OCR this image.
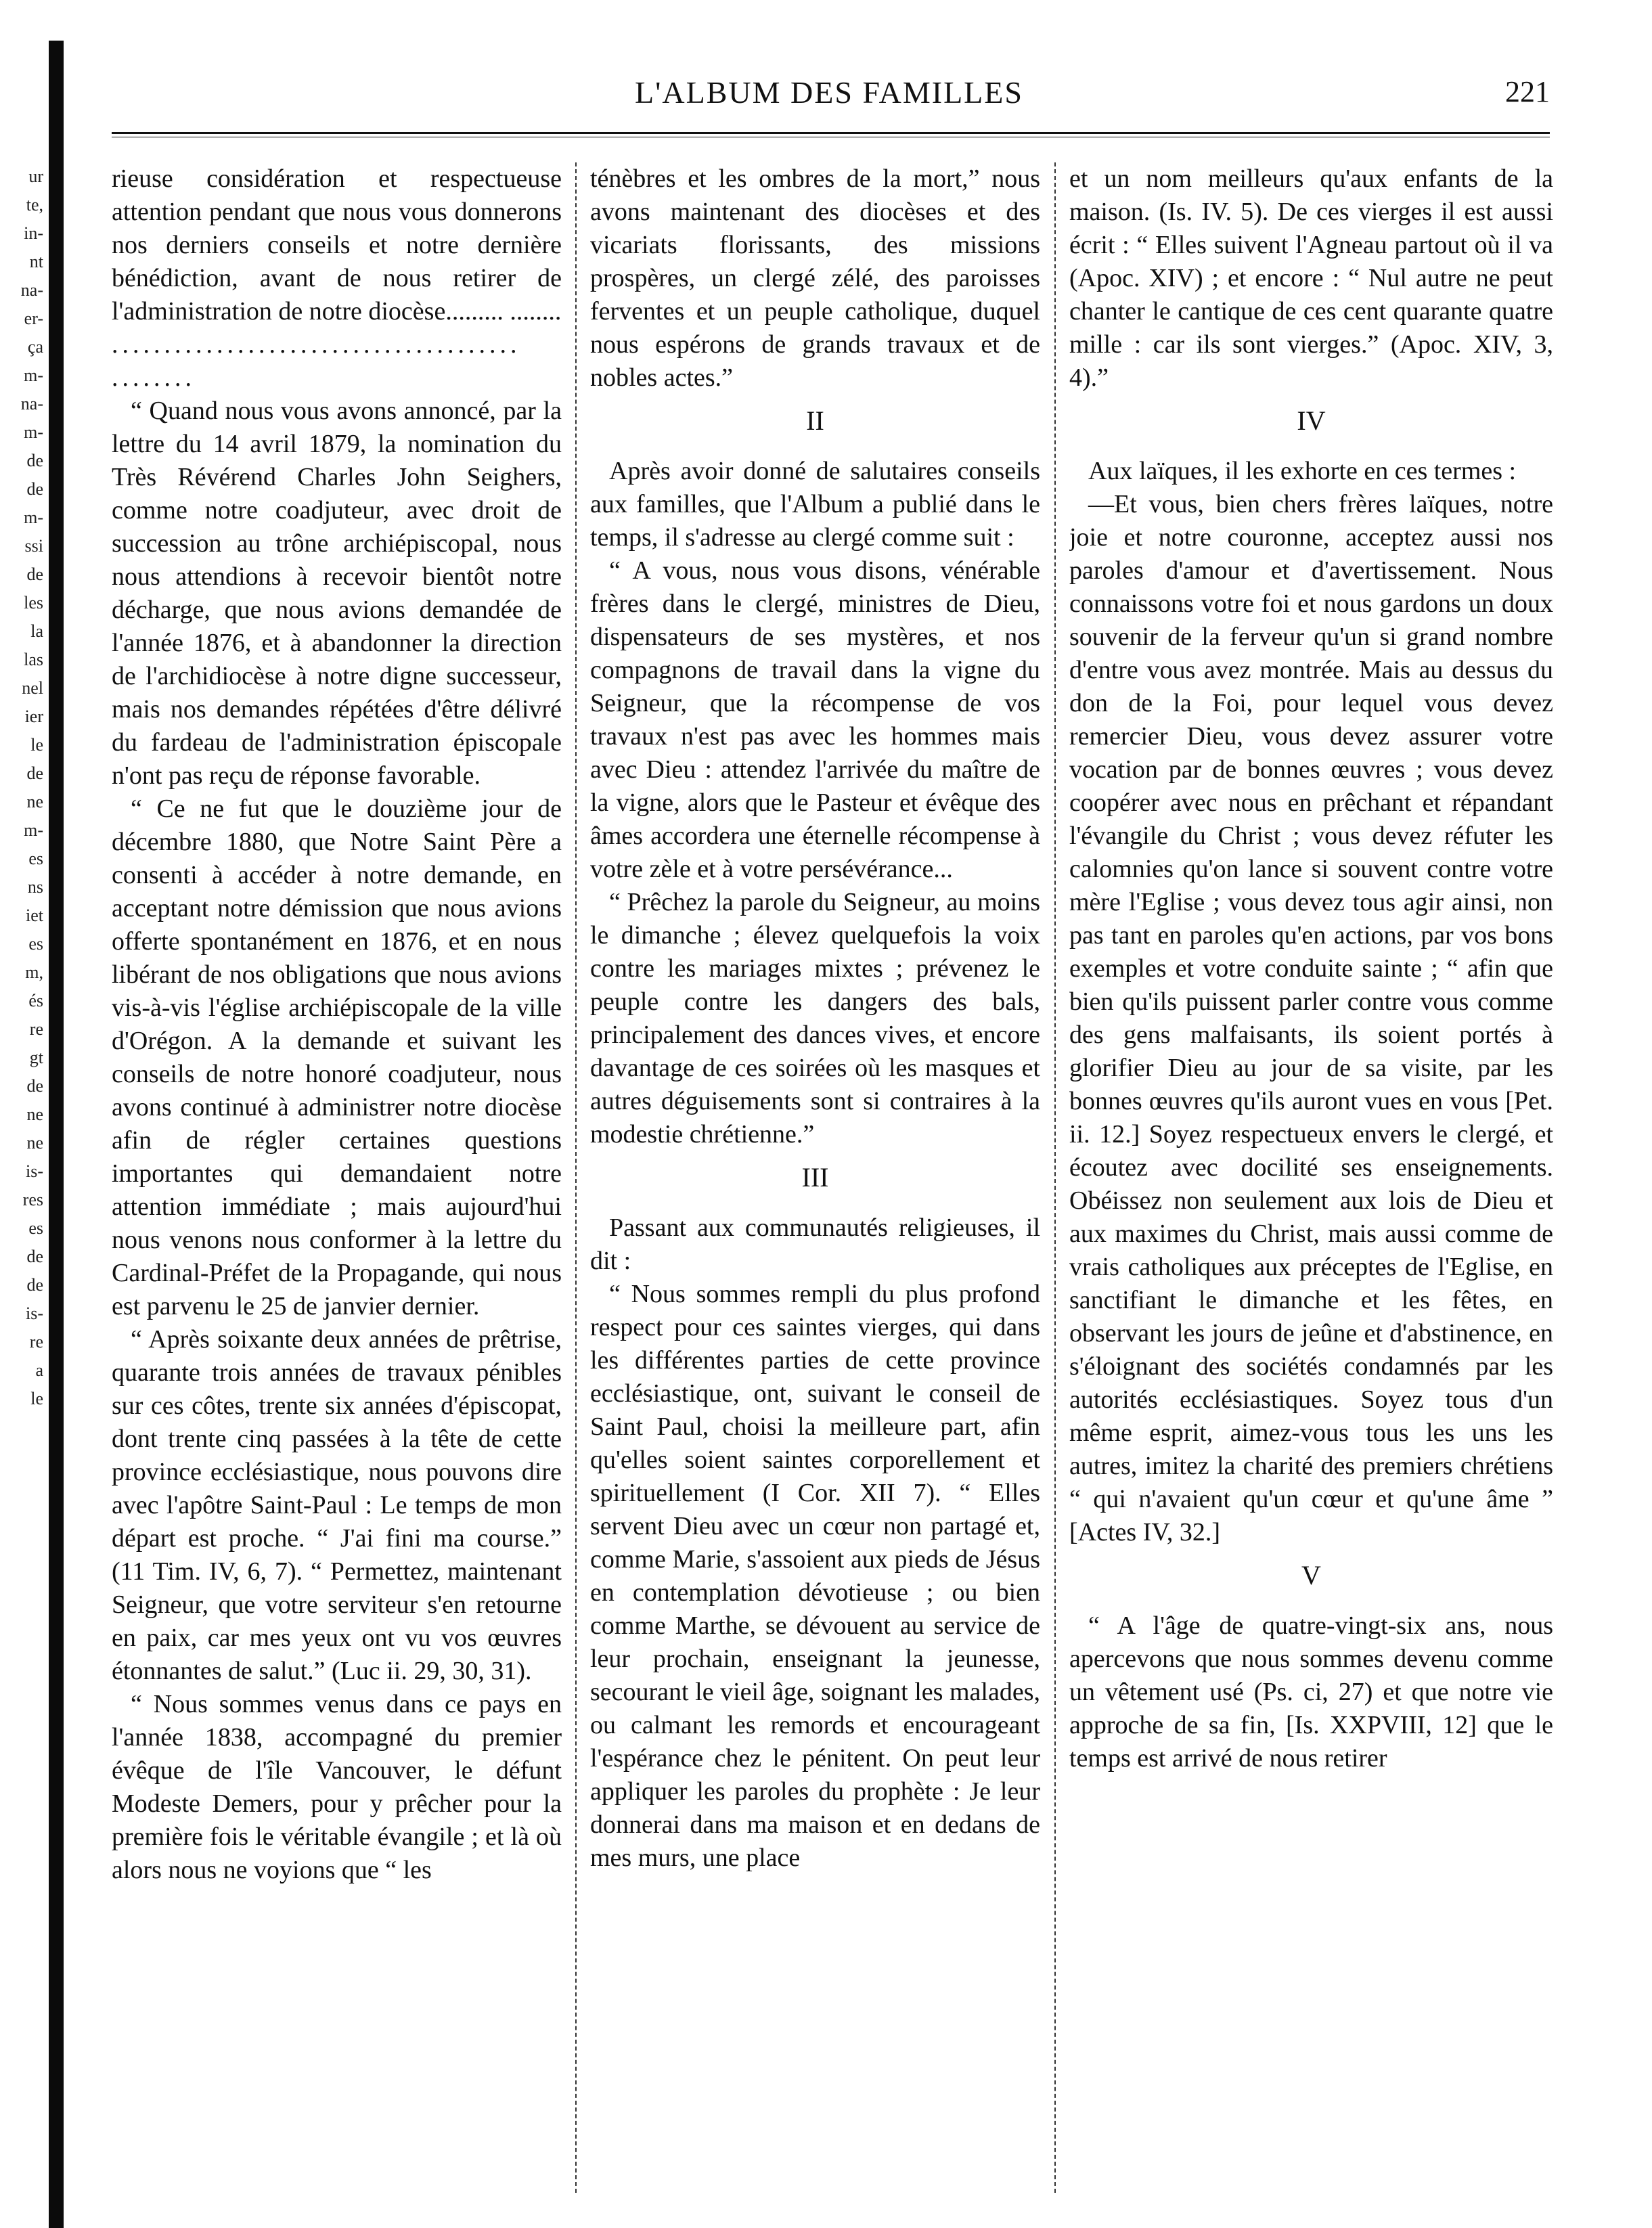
ur
te,
in-
nt
na-
er-
ça
m-
na-
m-
de
de
m-
ssi
de
les
la
las
nel
ier
le
de
ne
m-
es
ns
iet
es
m,
és
re
gt
de
ne
ne
is-
res
es
de
de
is-
re
a
le
L'ALBUM DES FAMILLES	221

rieuse considération et respectueuse attention pendant que nous vous donnerons nos derniers conseils et notre dernière bénédiction, avant de nous retirer de l'administration de notre diocèse......... ........

....................................... ........

“ Quand nous vous avons annoncé, par la lettre du 14 avril 1879, la nomination du Très Révérend Charles John Seighers, comme notre coadjuteur, avec droit de succession au trône archiépiscopal, nous nous attendions à recevoir bientôt notre décharge, que nous avions demandée de l'année 1876, et à abandonner la direction de l'archidiocèse à notre digne successeur, mais nos demandes répétées d'être délivré du fardeau de l'administration épiscopale n'ont pas reçu de réponse favorable.

“ Ce ne fut que le douzième jour de décembre 1880, que Notre Saint Père a consenti à accéder à notre demande, en acceptant notre démission que nous avions offerte spontanément en 1876, et en nous libérant de nos obligations que nous avions vis-à-vis l'église archiépiscopale de la ville d'Orégon. A la demande et suivant les conseils de notre honoré coadjuteur, nous avons continué à administrer notre diocèse afin de régler certaines questions importantes qui demandaient notre attention immédiate ; mais aujourd'hui nous venons nous conformer à la lettre du Cardinal-Préfet de la Propagande, qui nous est parvenu le 25 de janvier dernier.

“ Après soixante deux années de prêtrise, quarante trois années de travaux pénibles sur ces côtes, trente six années d'épiscopat, dont trente cinq passées à la tête de cette province ecclésiastique, nous pouvons dire avec l'apôtre Saint-Paul : Le temps de mon départ est proche. “ J'ai fini ma course.” (11 Tim. IV, 6, 7). “ Permettez, maintenant Seigneur, que votre serviteur s'en retourne en paix, car mes yeux ont vu vos œuvres étonnantes de salut.” (Luc ii. 29, 30, 31).

“ Nous sommes venus dans ce pays en l'année 1838, accompagné du premier évêque de l'île Vancouver, le défunt Modeste Demers, pour y prêcher pour la première fois le véritable évangile ; et là où alors nous ne voyions que “ les

ténèbres et les ombres de la mort,” nous avons maintenant des diocèses et des vicariats florissants, des missions prospères, un clergé zélé, des paroisses ferventes et un peuple catholique, duquel nous espérons de grands travaux et de nobles actes.”

II

Après avoir donné de salutaires conseils aux familles, que l'Album a publié dans le temps, il s'adresse au clergé comme suit :

“ A vous, nous vous disons, vénérable frères dans le clergé, ministres de Dieu, dispensateurs de ses mystères, et nos compagnons de travail dans la vigne du Seigneur, que la récompense de vos travaux n'est pas avec les hommes mais avec Dieu : attendez l'arrivée du maître de la vigne, alors que le Pasteur et évêque des âmes accordera une éternelle récompense à votre zèle et à votre persévérance...

“ Prêchez la parole du Seigneur, au moins le dimanche ; élevez quelquefois la voix contre les mariages mixtes ; prévenez le peuple contre les dangers des bals, principalement des dances vives, et encore davantage de ces soirées où les masques et autres déguisements sont si contraires à la modestie chrétienne.”

III

Passant aux communautés religieuses, il dit :

“ Nous sommes rempli du plus profond respect pour ces saintes vierges, qui dans les différentes parties de cette province ecclésiastique, ont, suivant le conseil de Saint Paul, choisi la meilleure part, afin qu'elles soient saintes corporellement et spirituellement (I Cor. XII 7). “ Elles servent Dieu avec un cœur non partagé et, comme Marie, s'assoient aux pieds de Jésus en contemplation dévotieuse ; ou bien comme Marthe, se dévouent au service de leur prochain, enseignant la jeunesse, secourant le vieil âge, soignant les malades, ou calmant les remords et encourageant l'espérance chez le pénitent. On peut leur appliquer les paroles du prophète : Je leur donnerai dans ma maison et en dedans de mes murs, une place

et un nom meilleurs qu'aux enfants de la maison. (Is. IV. 5). De ces vierges il est aussi écrit : “ Elles suivent l'Agneau partout où il va (Apoc. XIV) ; et encore : “ Nul autre ne peut chanter le cantique de ces cent quarante quatre mille : car ils sont vierges.” (Apoc. XIV, 3, 4).”

IV

Aux laïques, il les exhorte en ces termes :

—Et vous, bien chers frères laïques, notre joie et notre couronne, acceptez aussi nos paroles d'amour et d'avertissement. Nous connaissons votre foi et nous gardons un doux souvenir de la ferveur qu'un si grand nombre d'entre vous avez montrée. Mais au dessus du don de la Foi, pour lequel vous devez remercier Dieu, vous devez assurer votre vocation par de bonnes œuvres ; vous devez coopérer avec nous en prêchant et répandant l'évangile du Christ ; vous devez réfuter les calomnies qu'on lance si souvent contre votre mère l'Eglise ; vous devez tous agir ainsi, non pas tant en paroles qu'en actions, par vos bons exemples et votre conduite sainte ; “ afin que bien qu'ils puissent parler contre vous comme des gens malfaisants, ils soient portés à glorifier Dieu au jour de sa visite, par les bonnes œuvres qu'ils auront vues en vous [Pet. ii. 12.] Soyez respectueux envers le clergé, et écoutez avec docilité ses enseignements. Obéissez non seulement aux lois de Dieu et aux maximes du Christ, mais aussi comme de vrais catholiques aux préceptes de l'Eglise, en sanctifiant le dimanche et les fêtes, en observant les jours de jeûne et d'abstinence, en s'éloignant des sociétés condamnés par les autorités ecclésiastiques. Soyez tous d'un même esprit, aimez-vous tous les uns les autres, imitez la charité des premiers chrétiens “ qui n'avaient qu'un cœur et qu'une âme ” [Actes IV, 32.]

V

“ A l'âge de quatre-vingt-six ans, nous apercevons que nous sommes devenu comme un vêtement usé (Ps. ci, 27) et que notre vie approche de sa fin, [Is. XXPVIII, 12] que le temps est arrivé de nous retirer
